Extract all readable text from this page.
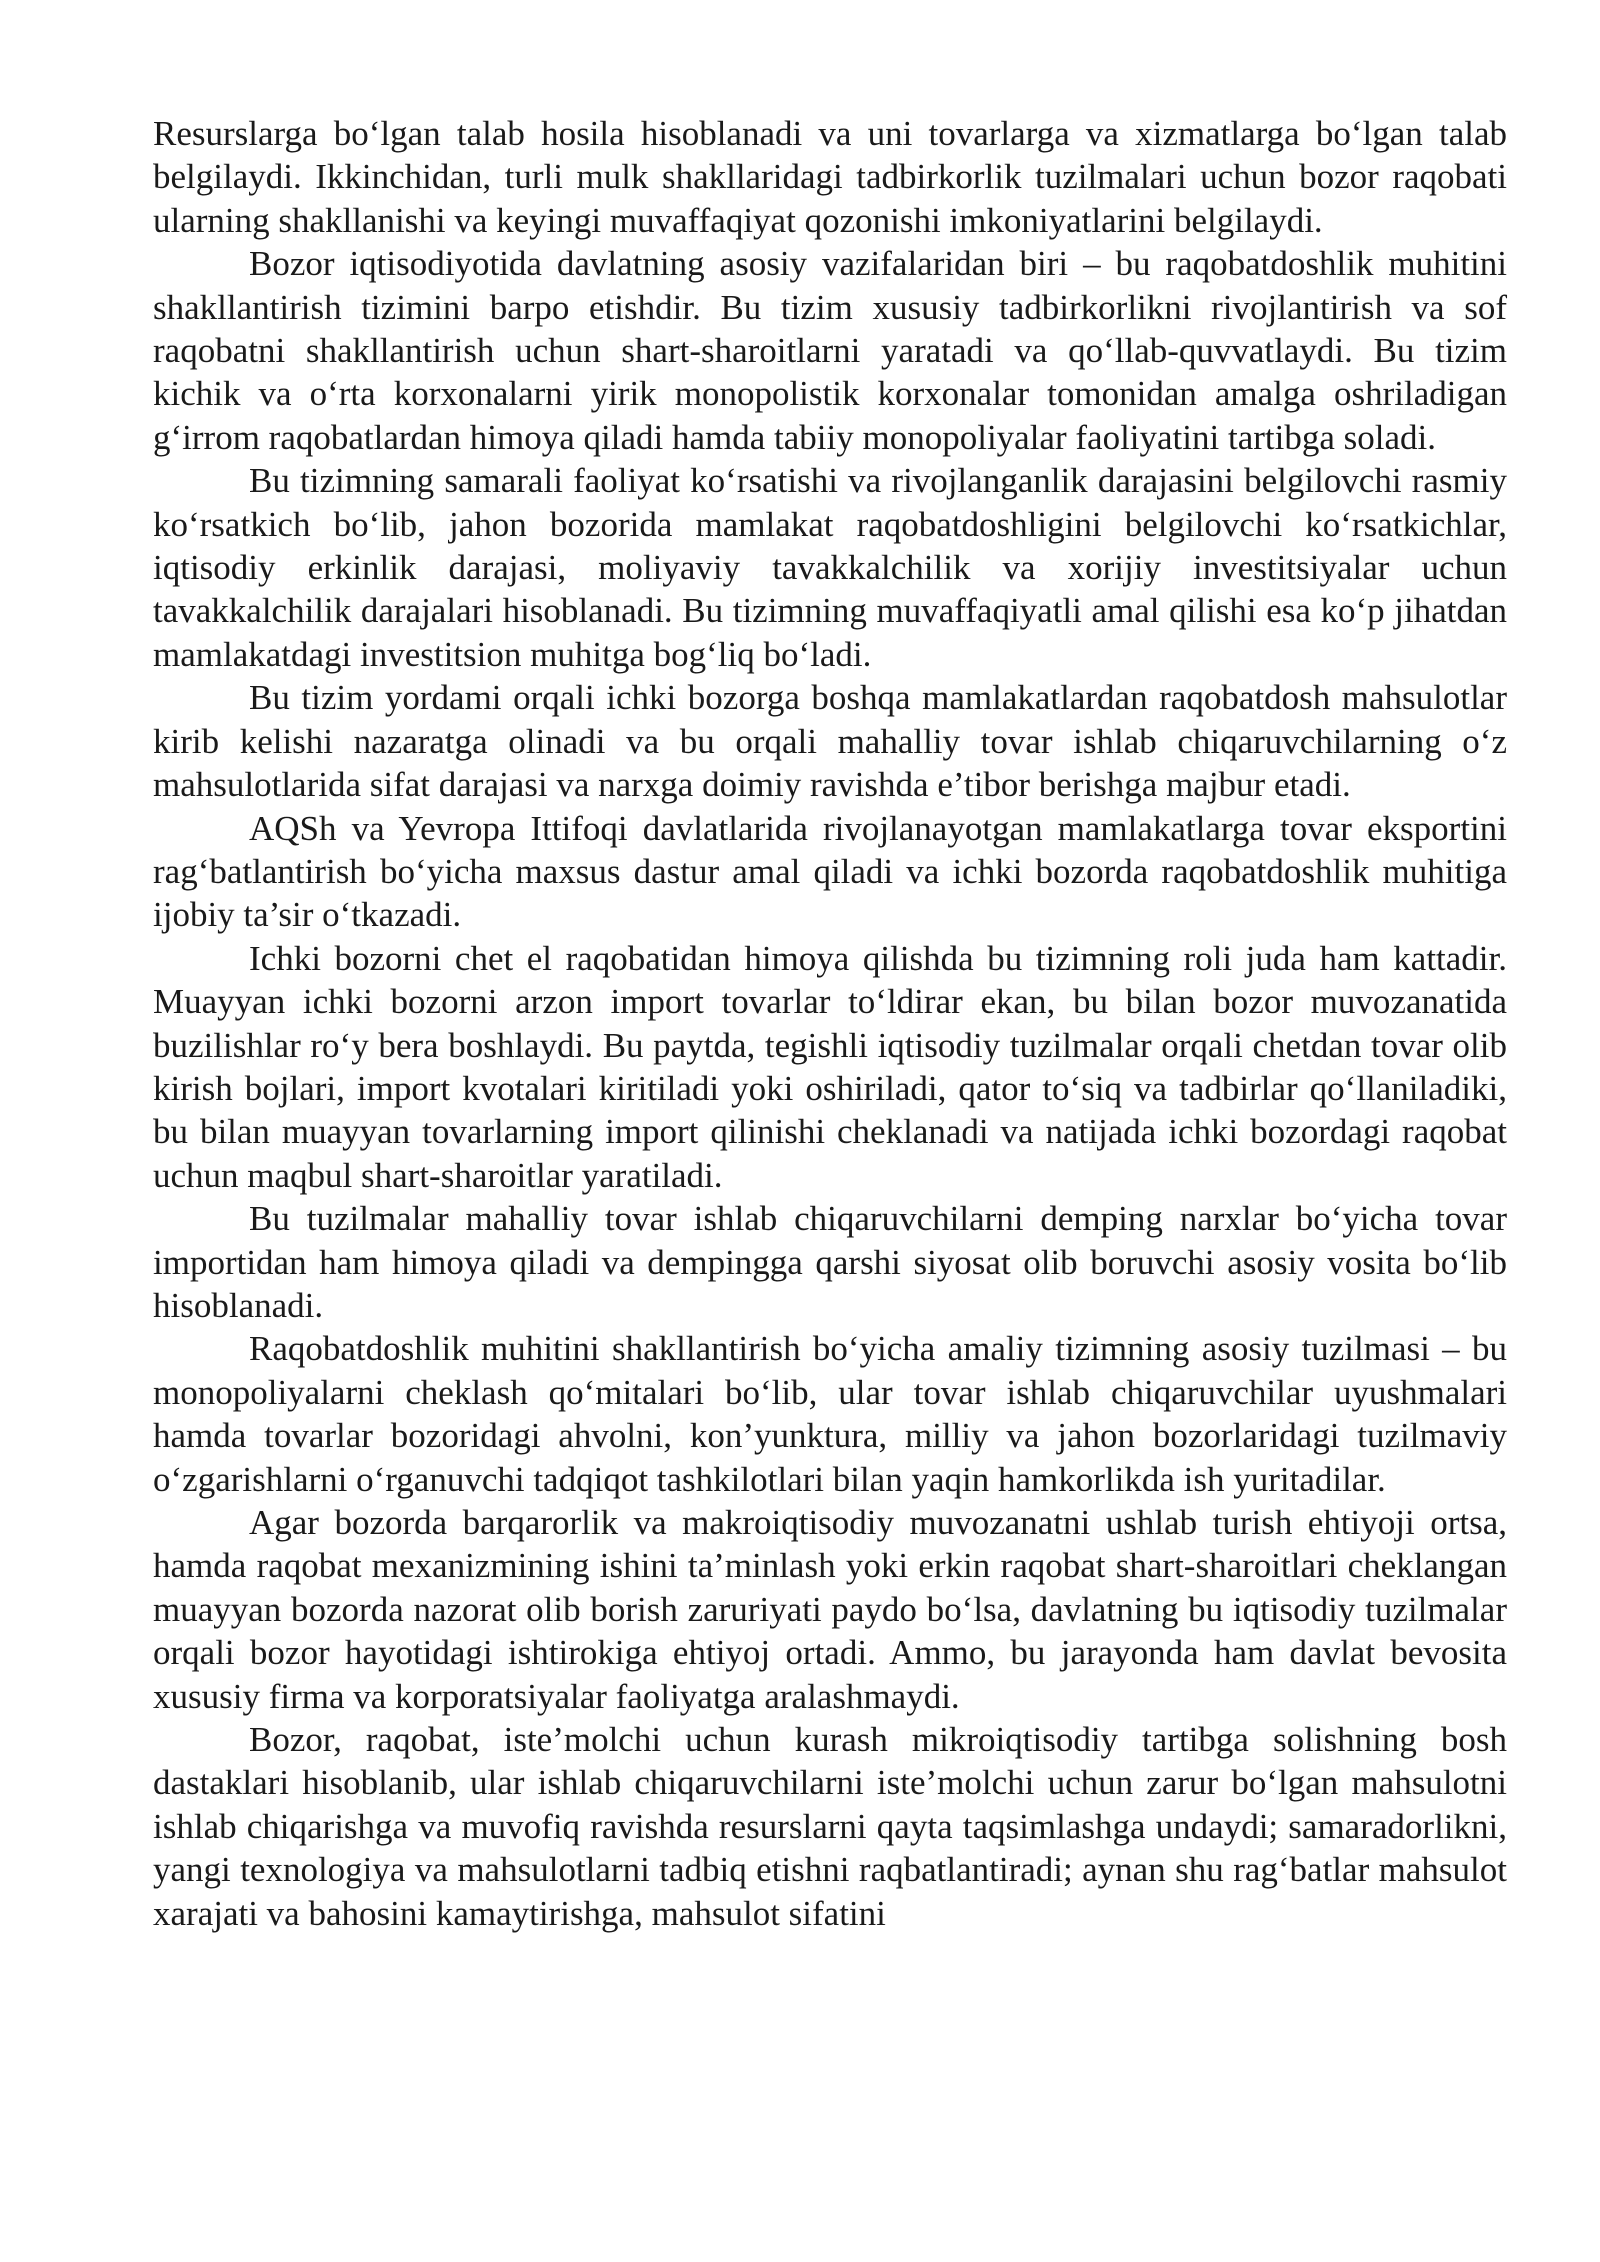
Resurslarga bo‘lgan talab hosila hisoblanadi va uni tovarlarga va xizmatlarga bo‘lgan talab belgilaydi. Ikkinchidan, turli mulk shakllaridagi tadbirkorlik tuzilmalari uchun bozor raqobati ularning shakllanishi va keyingi muvaffaqiyat qozonishi imkoniyatlarini belgilaydi.

Bozor iqtisodiyotida davlatning asosiy vazifalaridan biri – bu raqobatdoshlik muhitini shakllantirish tizimini barpo etishdir. Bu tizim xususiy tadbirkorlikni rivojlantirish va sof raqobatni shakllantirish uchun shart-sharoitlarni yaratadi va qo‘llab-quvvatlaydi. Bu tizim kichik va o‘rta korxonalarni yirik monopolistik korxonalar tomonidan amalga oshriladigan g‘irrom raqobatlardan himoya qiladi hamda tabiiy monopoliyalar faoliyatini tartibga soladi.

Bu tizimning samarali faoliyat ko‘rsatishi va rivojlanganlik darajasini belgilovchi rasmiy ko‘rsatkich bo‘lib, jahon bozorida mamlakat raqobatdoshligini belgilovchi ko‘rsatkichlar, iqtisodiy erkinlik darajasi, moliyaviy tavakkalchilik va xorijiy investitsiyalar uchun tavakkalchilik darajalari hisoblanadi. Bu tizimning muvaffaqiyatli amal qilishi esa ko‘p jihatdan mamlakatdagi investitsion muhitga bog‘liq bo‘ladi.

Bu tizim yordami orqali ichki bozorga boshqa mamlakatlardan raqobatdosh mahsulotlar kirib kelishi nazaratga olinadi va bu orqali mahalliy tovar ishlab chiqaruvchilarning o‘z mahsulotlarida sifat darajasi va narxga doimiy ravishda e’tibor berishga majbur etadi.

AQSh va Yevropa Ittifoqi davlatlarida rivojlanayotgan mamlakatlarga tovar eksportini rag‘batlantirish bo‘yicha maxsus dastur amal qiladi va ichki bozorda raqobatdoshlik muhitiga ijobiy ta’sir o‘tkazadi.

Ichki bozorni chet el raqobatidan himoya qilishda bu tizimning roli juda ham kattadir. Muayyan ichki bozorni arzon import tovarlar to‘ldirar ekan, bu bilan bozor muvozanatida buzilishlar ro‘y bera boshlaydi. Bu paytda, tegishli iqtisodiy tuzilmalar orqali chetdan tovar olib kirish bojlari, import kvotalari kiritiladi yoki oshiriladi, qator to‘siq va tadbirlar qo‘llaniladiki, bu bilan muayyan tovarlarning import qilinishi cheklanadi va natijada ichki bozordagi raqobat uchun maqbul shart-sharoitlar yaratiladi.

Bu tuzilmalar mahalliy tovar ishlab chiqaruvchilarni demping narxlar bo‘yicha tovar importidan ham himoya qiladi va dempingga qarshi siyosat olib boruvchi asosiy vosita bo‘lib hisoblanadi.

Raqobatdoshlik muhitini shakllantirish bo‘yicha amaliy tizimning asosiy tuzilmasi – bu monopoliyalarni cheklash qo‘mitalari bo‘lib, ular tovar ishlab chiqaruvchilar uyushmalari hamda tovarlar bozoridagi ahvolni, kon’yunktura, milliy va jahon bozorlaridagi tuzilmaviy o‘zgarishlarni o‘rganuvchi tadqiqot tashkilotlari bilan yaqin hamkorlikda ish yuritadilar.

Agar bozorda barqarorlik va makroiqtisodiy muvozanatni ushlab turish ehtiyoji ortsa, hamda raqobat mexanizmining ishini ta’minlash yoki erkin raqobat shart-sharoitlari cheklangan muayyan bozorda nazorat olib borish zaruriyati paydo bo‘lsa, davlatning bu iqtisodiy tuzilmalar orqali bozor hayotidagi ishtirokiga ehtiyoj ortadi. Ammo, bu jarayonda ham davlat bevosita xususiy firma va korporatsiyalar faoliyatga aralashmaydi.

Bozor, raqobat, iste’molchi uchun kurash mikroiqtisodiy tartibga solishning bosh dastaklari hisoblanib, ular ishlab chiqaruvchilarni iste’molchi uchun zarur bo‘lgan mahsulotni ishlab chiqarishga va muvofiq ravishda resurslarni qayta taqsimlashga undaydi; samaradorlikni, yangi texnologiya va mahsulotlarni tadbiq etishni raqbatlantiradi; aynan shu rag‘batlar mahsulot xarajati va bahosini kamaytirishga, mahsulot sifatini
